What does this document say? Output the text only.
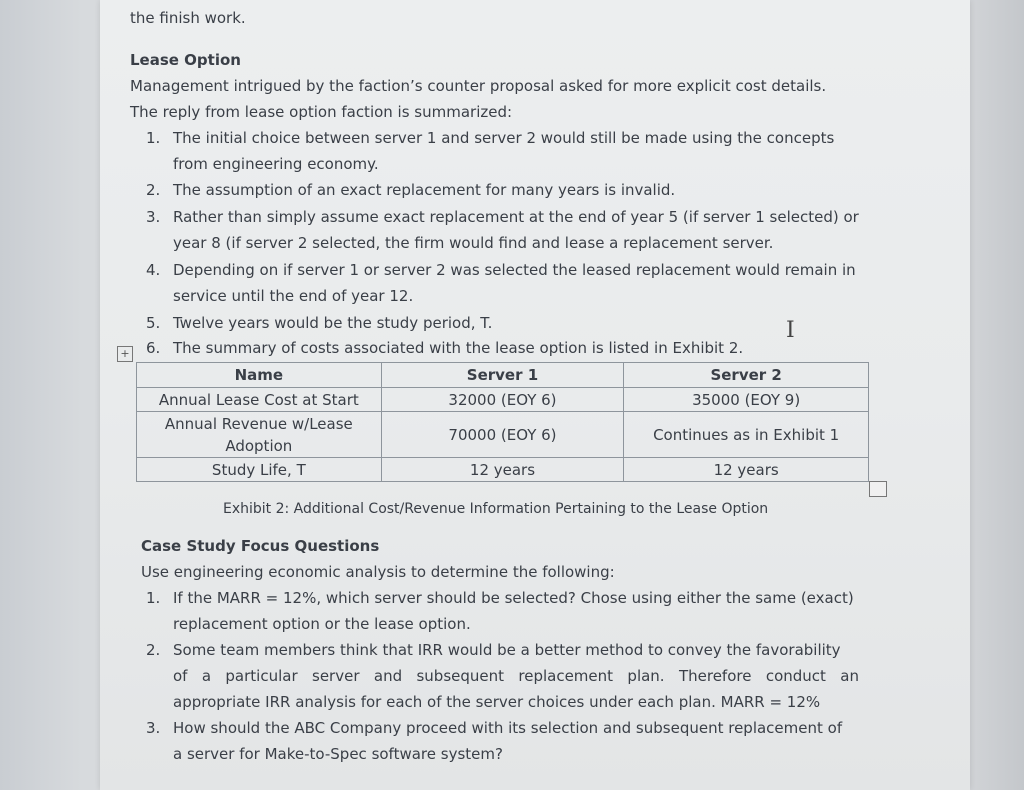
the finish work.
Lease Option
Management intrigued by the faction’s counter proposal asked for more explicit cost details.
The reply from lease option faction is summarized:
1. The initial choice between server 1 and server 2 would still be made using the concepts
from engineering economy.
2. The assumption of an exact replacement for many years is invalid.
3. Rather than simply assume exact replacement at the end of year 5 (if server 1 selected) or
year 8 (if server 2 selected, the firm would find and lease a replacement server.
4. Depending on if server 1 or server 2 was selected the leased replacement would remain in
service until the end of year 12.
5. Twelve years would be the study period, T.
+ 6. The summary of costs associated with the lease option is listed in Exhibit 2.
I
Name	Server 1	Server 2
Annual Lease Cost at Start	32000 (EOY 6)	35000 (EOY 9)
Annual Revenue w/Lease
Adoption	70000 (EOY 6)	Continues as in Exhibit 1
Study Life, T	12 years	12 years
Exhibit 2: Additional Cost/Revenue Information Pertaining to the Lease Option
Case Study Focus Questions
Use engineering economic analysis to determine the following:
1. If the MARR = 12%, which server should be selected? Chose using either the same (exact)
replacement option or the lease option.
2. Some team members think that IRR would be a better method to convey the favorability
of a particular server and subsequent replacement plan. Therefore conduct an
appropriate IRR analysis for each of the server choices under each plan. MARR = 12%
3. How should the ABC Company proceed with its selection and subsequent replacement of
a server for Make-to-Spec software system?
